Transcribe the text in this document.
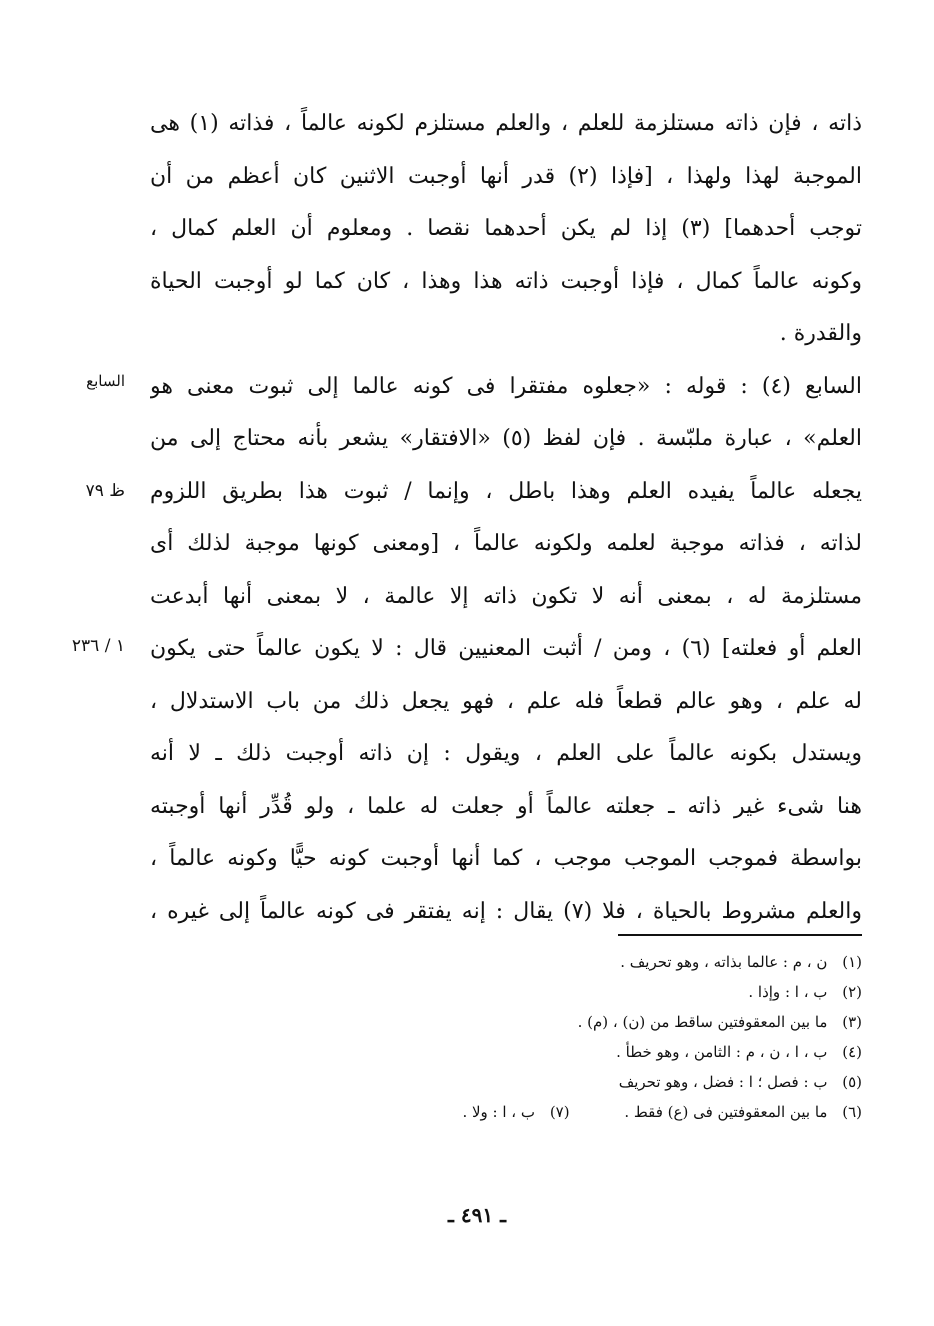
ذاته ، فإن ذاته مستلزمة للعلم ، والعلم مستلزم لكونه عالماً ، فذاته (١) هى
الموجبة لهذا ولهذا ، [فإذا (٢) قدر أنها أوجبت الاثنين كان أعظم من أن
توجب أحدهما] (٣) إذا لم يكن أحدهما نقصا . ومعلوم أن العلم كمال ،
وكونه عالماً كمال ، فإذا أوجبت ذاته هذا وهذا ، كان كما لو أوجبت الحياة
والقدرة .
السابع (٤) : قوله : «جعلوه مفتقرا فى كونه عالما إلى ثبوت معنى هو
العلم» ، عبارة ملبّسة . فإن لفظ (٥) «الافتقار» يشعر بأنه محتاج إلى من
يجعله عالماً يفيده العلم وهذا باطل ، وإنما / ثبوت هذا بطريق اللزوم
لذاته ، فذاته موجبة لعلمه ولكونه عالماً ، [ومعنى كونها موجبة لذلك أى
مستلزمة له ، بمعنى أنه لا تكون ذاته إلا عالمة ، لا بمعنى أنها أبدعت
العلم أو فعلته] (٦) ، ومن / أثبت المعنيين قال : لا يكون عالماً حتى يكون
له علم ، وهو عالم قطعاً فله علم ، فهو يجعل ذلك من باب الاستدلال ،
ويستدل بكونه عالماً على العلم ، ويقول : إن ذاته أوجبت ذلك ـ لا أنه
هنا شىء غير ذاته ـ جعلته عالماً أو جعلت له علما ، ولو قُدِّر أنها أوجبته
بواسطة فموجب الموجب موجب ، كما أنها أوجبت كونه حيًّا وكونه عالماً ،
والعلم مشروط بالحياة ، فلا (٧) يقال : إنه يفتقر فى كونه عالماً إلى غيره ،
السابع
ظ ٧٩
١ / ٢٣٦
(١) ن ، م : عالما بذاته ، وهو تحريف .
(٢) ب ، ا : وإذا .
(٣) ما بين المعقوفتين ساقط من (ن) ، (م) .
(٤) ب ، ا ، ن ، م : الثامن ، وهو خطأ .
(٥) ب : فصل ؛ ا : فضل ، وهو تحريف
(٦) ما بين المعقوفتين فى (ع) فقط . (٧) ب ، ا : ولا .
ـ ٤٩١ ـ
